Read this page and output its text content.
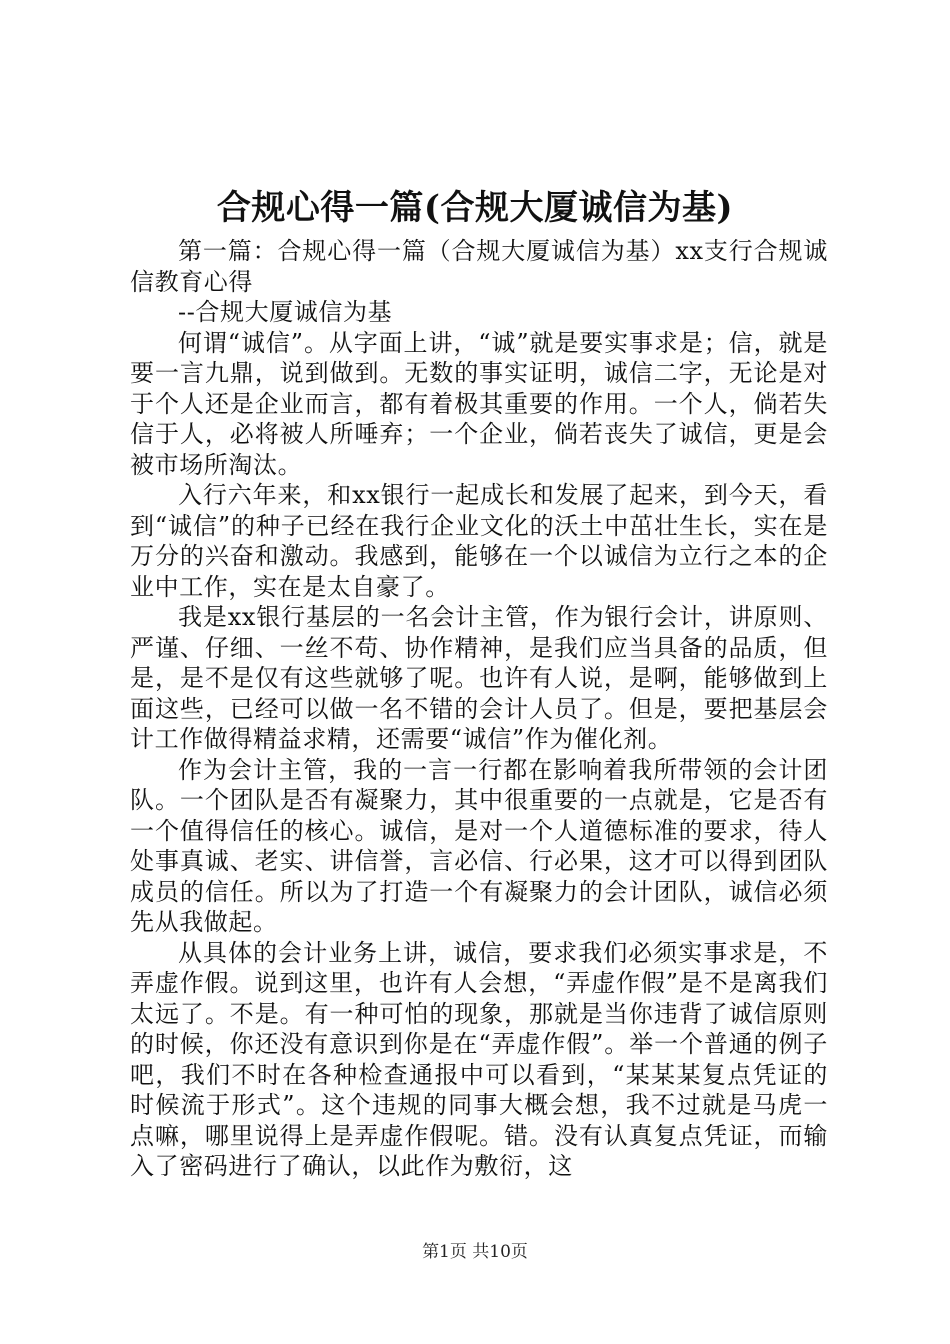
合规心得一篇(合规大厦诚信为基)

第一篇：合规心得一篇（合规大厦诚信为基）xx支行合规诚信教育心得

--合规大厦诚信为基

何谓“诚信”。从字面上讲，“诚”就是要实事求是；信，就是要一言九鼎，说到做到。无数的事实证明，诚信二字，无论是对于个人还是企业而言，都有着极其重要的作用。一个人，倘若失信于人，必将被人所唾弃；一个企业，倘若丧失了诚信，更是会被市场所淘汰。

入行六年来，和xx银行一起成长和发展了起来，到今天，看到“诚信”的种子已经在我行企业文化的沃土中茁壮生长，实在是万分的兴奋和激动。我感到，能够在一个以诚信为立行之本的企业中工作，实在是太自豪了。

我是xx银行基层的一名会计主管，作为银行会计，讲原则、严谨、仔细、一丝不苟、协作精神，是我们应当具备的品质，但是，是不是仅有这些就够了呢。也许有人说，是啊，能够做到上面这些，已经可以做一名不错的会计人员了。但是，要把基层会计工作做得精益求精，还需要“诚信”作为催化剂。

作为会计主管，我的一言一行都在影响着我所带领的会计团队。一个团队是否有凝聚力，其中很重要的一点就是，它是否有一个值得信任的核心。诚信，是对一个人道德标准的要求，待人处事真诚、老实、讲信誉，言必信、行必果，这才可以得到团队成员的信任。所以为了打造一个有凝聚力的会计团队，诚信必须先从我做起。

从具体的会计业务上讲，诚信，要求我们必须实事求是，不弄虚作假。说到这里，也许有人会想，“弄虚作假”是不是离我们太远了。不是。有一种可怕的现象，那就是当你违背了诚信原则的时候，你还没有意识到你是在“弄虚作假”。举一个普通的例子吧，我们不时在各种检查通报中可以看到，“某某某复点凭证的时候流于形式”。这个违规的同事大概会想，我不过就是马虎一点嘛，哪里说得上是弄虚作假呢。错。没有认真复点凭证，而输入了密码进行了确认，以此作为敷衍，这

第1页 共10页
